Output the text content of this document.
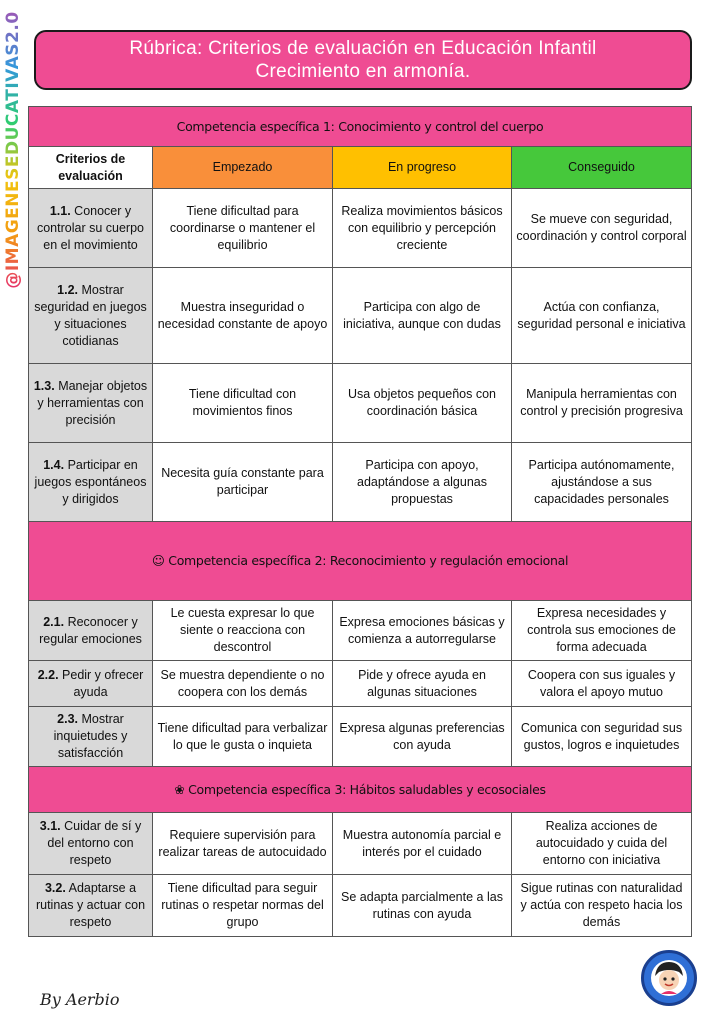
@IMAGENESEDUCATIVAS2.0	Rúbrica: Criterios de evaluación en Educación Infantil
Crecimiento en armonía.
Competencia específica 1: Conocimiento y control del cuerpo			
Criterios de evaluación	Empezado	En progreso	Conseguido
1.1. Conocer y controlar su cuerpo en el movimiento	Tiene dificultad para coordinarse o mantener el equilibrio	Realiza movimientos básicos con equilibrio y percepción creciente	Se mueve con seguridad, coordinación y control corporal
1.2. Mostrar seguridad en juegos y situaciones cotidianas	Muestra inseguridad o necesidad constante de apoyo	Participa con algo de iniciativa, aunque con dudas	Actúa con confianza, seguridad personal e iniciativa
1.3. Manejar objetos y herramientas con precisión	Tiene dificultad con movimientos finos	Usa objetos pequeños con coordinación básica	Manipula herramientas con control y precisión progresiva
1.4. Participar en juegos espontáneos y dirigidos	Necesita guía constante para participar	Participa con apoyo, adaptándose a algunas propuestas	Participa autónomamente, ajustándose a sus capacidades personales
☺ Competencia específica 2: Reconocimiento y regulación emocional			
2.1. Reconocer y regular emociones	Le cuesta expresar lo que siente o reacciona con descontrol	Expresa emociones básicas y comienza a autorregularse	Expresa necesidades y controla sus emociones de forma adecuada
2.2. Pedir y ofrecer ayuda	Se muestra dependiente o no coopera con los demás	Pide y ofrece ayuda en algunas situaciones	Coopera con sus iguales y valora el apoyo mutuo
2.3. Mostrar inquietudes y satisfacción	Tiene dificultad para verbalizar lo que le gusta o inquieta	Expresa algunas preferencias con ayuda	Comunica con seguridad sus gustos, logros e inquietudes
❀ Competencia específica 3: Hábitos saludables y ecosociales			
3.1. Cuidar de sí y del entorno con respeto	Requiere supervisión para realizar tareas de autocuidado	Muestra autonomía parcial e interés por el cuidado	Realiza acciones de autocuidado y cuida del entorno con iniciativa
3.2. Adaptarse a rutinas y actuar con respeto	Tiene dificultad para seguir rutinas o respetar normas del grupo	Se adapta parcialmente a las rutinas con ayuda	Sigue rutinas con naturalidad y actúa con respeto hacia los demás
By Aerbio
